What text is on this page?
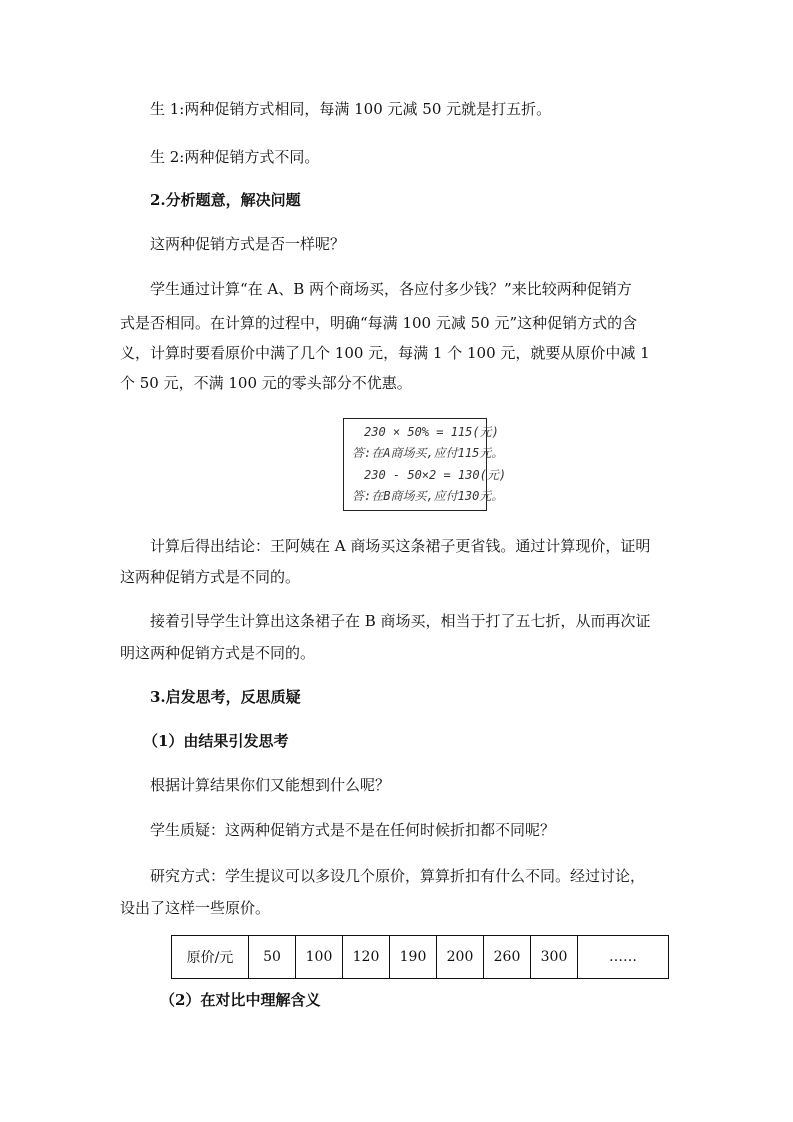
生 1:两种促销方式相同，每满 100 元减 50 元就是打五折。
生 2:两种促销方式不同。
2.分析题意，解决问题
这两种促销方式是否一样呢？
学生通过计算“在 A、B 两个商场买，各应付多少钱？”来比较两种促销方
式是否相同。在计算的过程中，明确“每满 100 元减 50 元”这种促销方式的含
义，计算时要看原价中满了几个 100 元，每满 1 个 100 元，就要从原价中减 1
个 50 元，不满 100 元的零头部分不优惠。
230 × 50% = 115(元)
答:在A商场买,应付115元。
230 - 50×2 = 130(元)
答:在B商场买,应付130元。
计算后得出结论：王阿姨在 A 商场买这条裙子更省钱。通过计算现价，证明
这两种促销方式是不同的。
接着引导学生计算出这条裙子在 B 商场买，相当于打了五七折，从而再次证
明这两种促销方式是不同的。
3.启发思考，反思质疑
（1）由结果引发思考
根据计算结果你们又能想到什么呢？
学生质疑：这两种促销方式是不是在任何时候折扣都不同呢？
研究方式：学生提议可以多设几个原价，算算折扣有什么不同。经过讨论，
设出了这样一些原价。
原价/元	50	100	120	190	200	260	300	……
（2）在对比中理解含义
